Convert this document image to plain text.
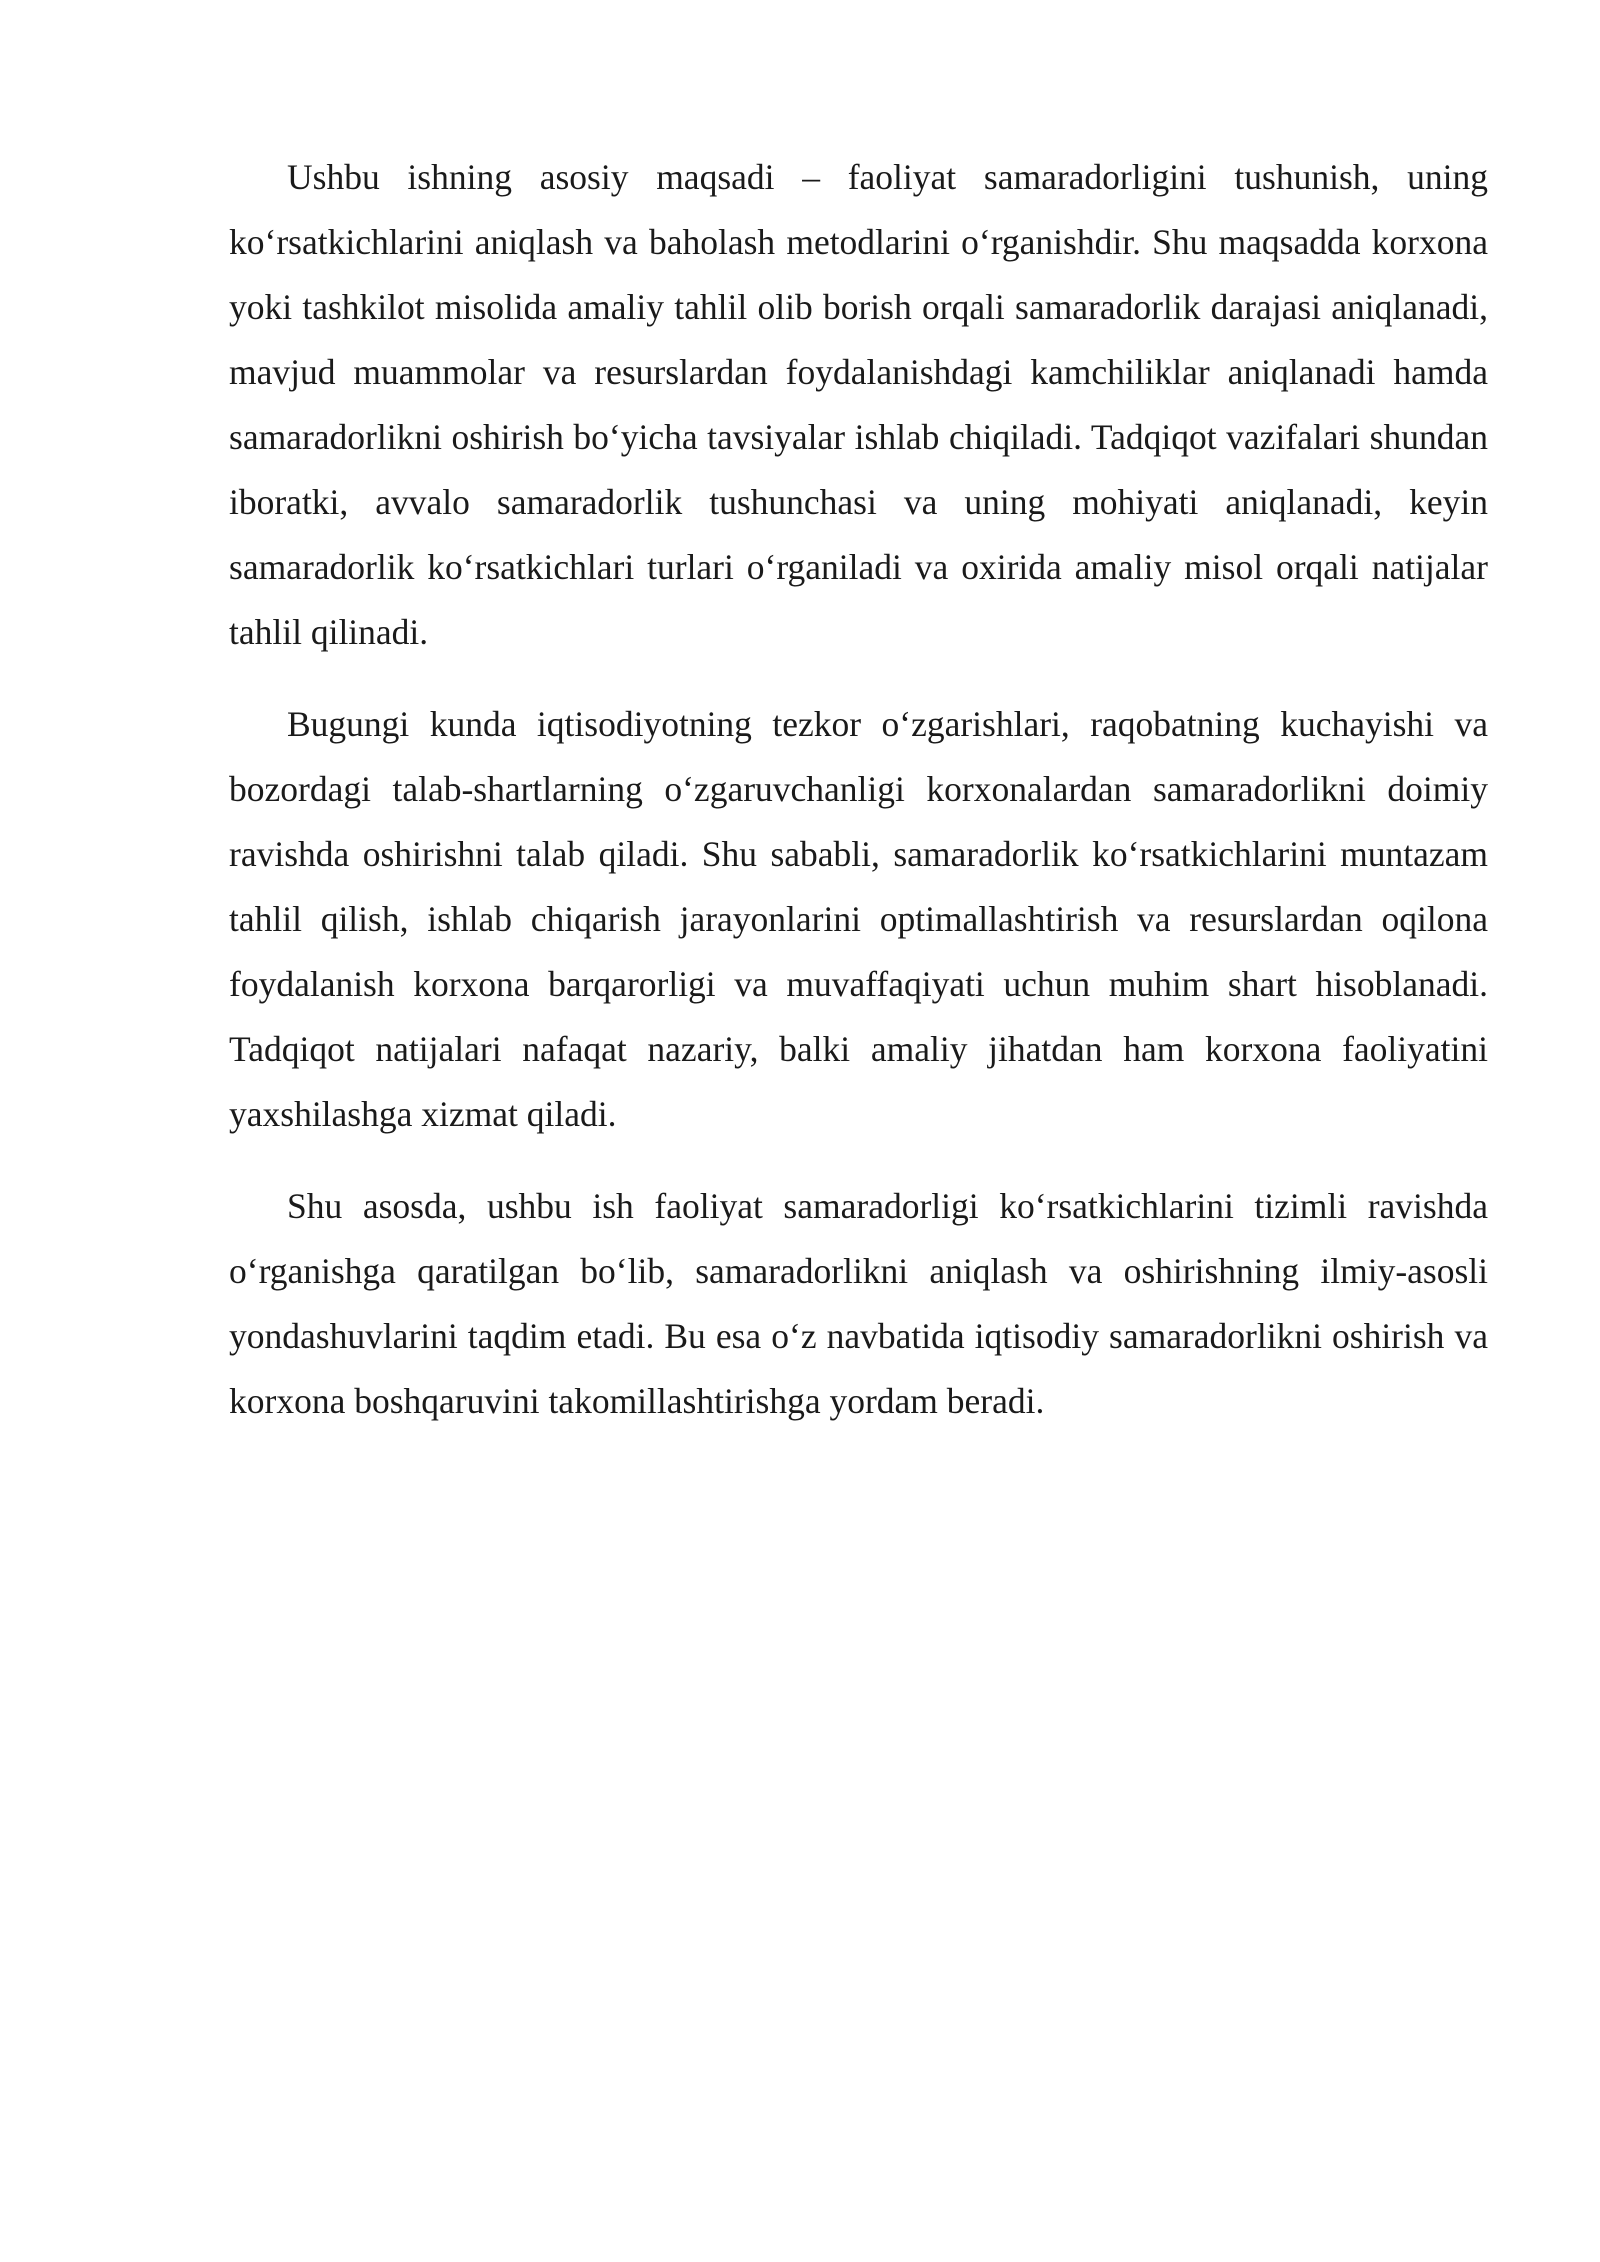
Ushbu ishning asosiy maqsadi – faoliyat samaradorligini tushunish, uning ko‘rsatkichlarini aniqlash va baholash metodlarini o‘rganishdir. Shu maqsadda korxona yoki tashkilot misolida amaliy tahlil olib borish orqali samaradorlik darajasi aniqlanadi, mavjud muammolar va resurslardan foydalanishdagi kamchiliklar aniqlanadi hamda samaradorlikni oshirish bo‘yicha tavsiyalar ishlab chiqiladi. Tadqiqot vazifalari shundan iboratki, avvalo samaradorlik tushunchasi va uning mohiyati aniqlanadi, keyin samaradorlik ko‘rsatkichlari turlari o‘rganiladi va oxirida amaliy misol orqali natijalar tahlil qilinadi.

Bugungi kunda iqtisodiyotning tezkor o‘zgarishlari, raqobatning kuchayishi va bozordagi talab-shartlarning o‘zgaruvchanligi korxonalardan samaradorlikni doimiy ravishda oshirishni talab qiladi. Shu sababli, samaradorlik ko‘rsatkichlarini muntazam tahlil qilish, ishlab chiqarish jarayonlarini optimallashtirish va resurslardan oqilona foydalanish korxona barqarorligi va muvaffaqiyati uchun muhim shart hisoblanadi. Tadqiqot natijalari nafaqat nazariy, balki amaliy jihatdan ham korxona faoliyatini yaxshilashga xizmat qiladi.

Shu asosda, ushbu ish faoliyat samaradorligi ko‘rsatkichlarini tizimli ravishda o‘rganishga qaratilgan bo‘lib, samaradorlikni aniqlash va oshirishning ilmiy-asosli yondashuvlarini taqdim etadi. Bu esa o‘z navbatida iqtisodiy samaradorlikni oshirish va korxona boshqaruvini takomillashtirishga yordam beradi.
